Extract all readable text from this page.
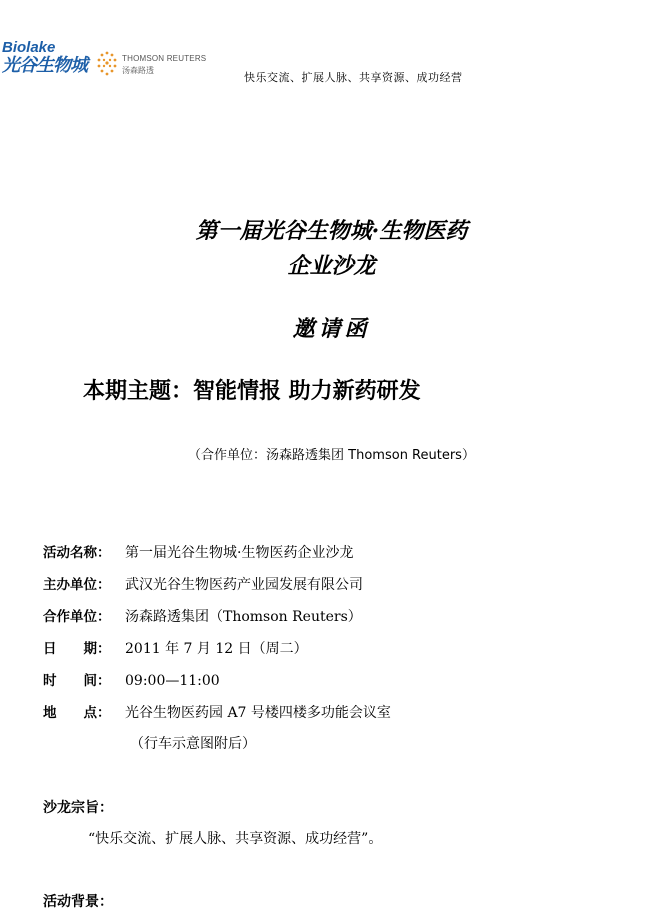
Biolake
光谷生物城	THOMSON REUTERS
汤森路透
快乐交流、扩展人脉、共享资源、成功经营
第一届光谷生物城·生物医药
企业沙龙
邀请函
本期主题：智能情报 助力新药研发
（合作单位：汤森路透集团 Thomson Reuters）
活动名称： 第一届光谷生物城·生物医药企业沙龙
主办单位： 武汉光谷生物医药产业园发展有限公司
合作单位： 汤森路透集团（Thomson Reuters）
日　　期： 2011 年 7 月 12 日（周二）
时　　间：09:00—11:00
地　　点： 光谷生物医药园 A7 号楼四楼多功能会议室
（行车示意图附后）
沙龙宗旨：
“快乐交流、扩展人脉、共享资源、成功经营”。
活动背景：
